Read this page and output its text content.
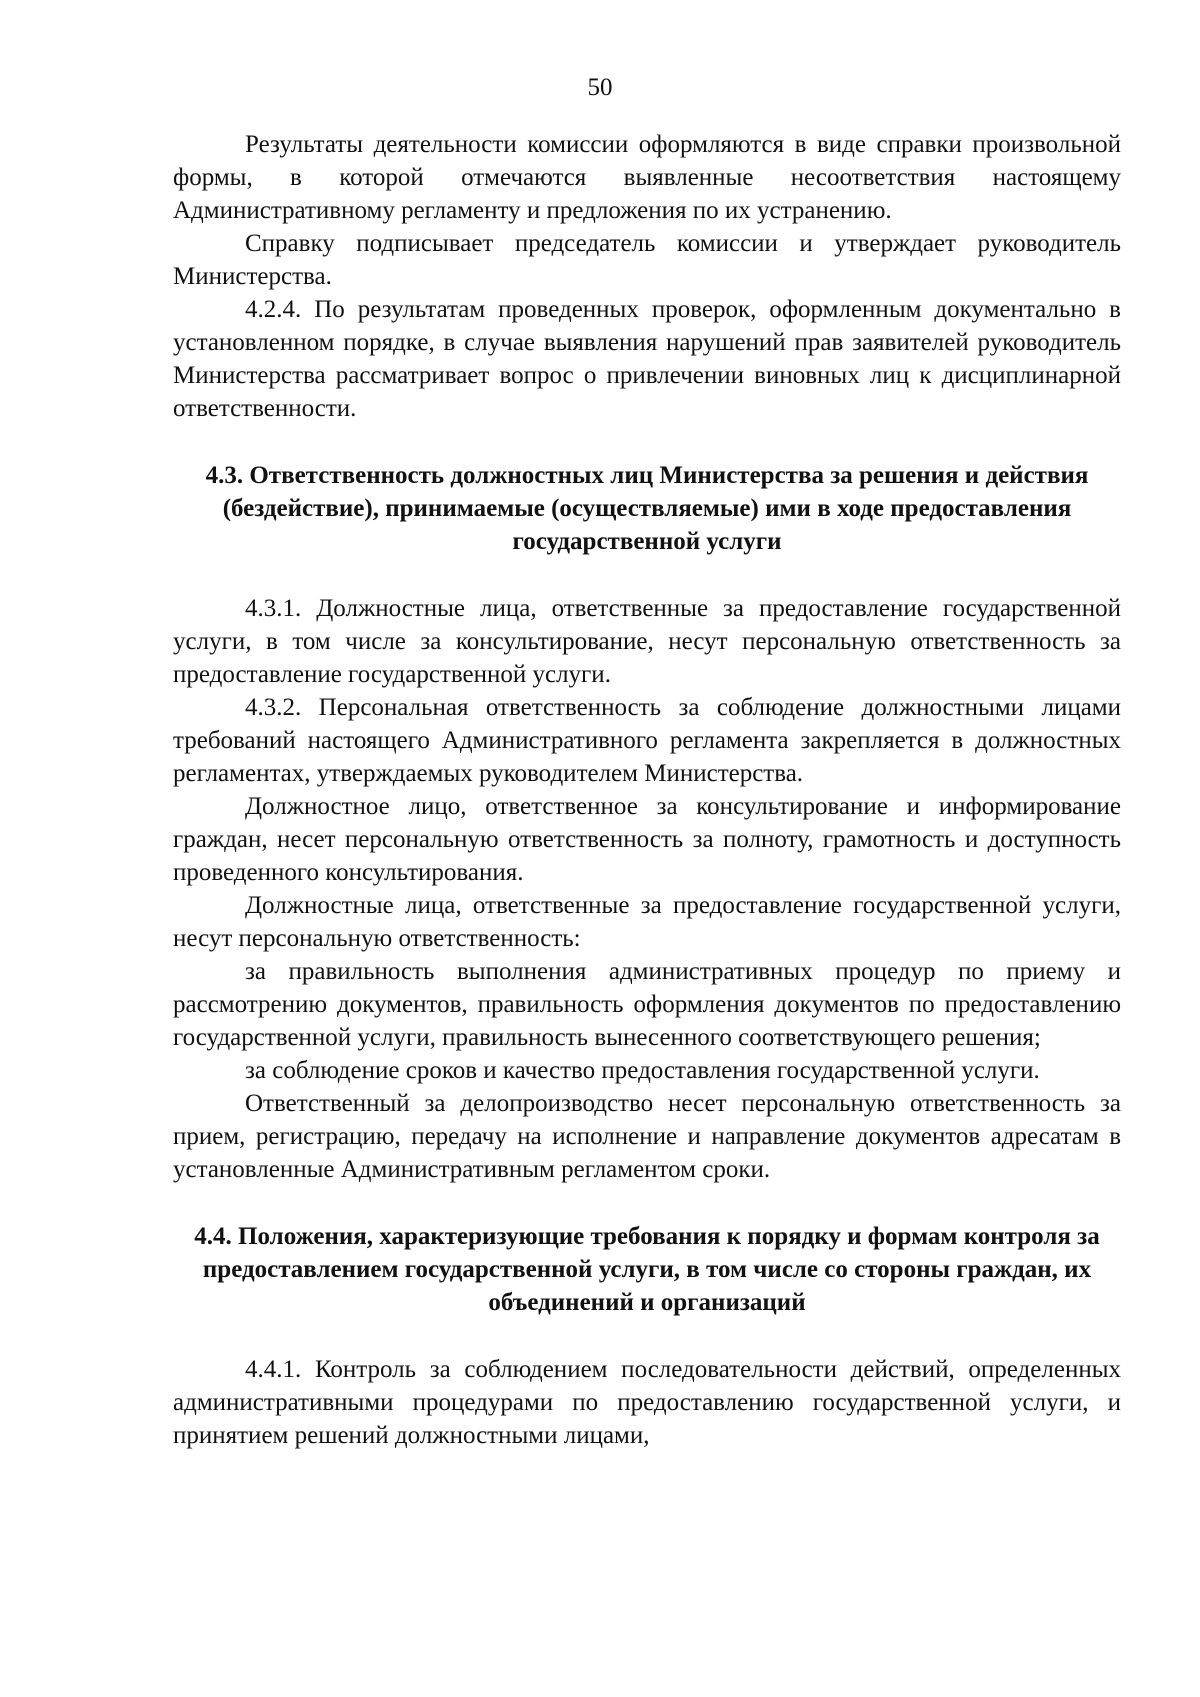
50

Результаты деятельности комиссии оформляются в виде справки произвольной формы, в которой отмечаются выявленные несоответствия настоящему Административному регламенту и предложения по их устранению.

Справку подписывает председатель комиссии и утверждает руководитель Министерства.

4.2.4. По результатам проведенных проверок, оформленным документально в установленном порядке, в случае выявления нарушений прав заявителей руководитель Министерства рассматривает вопрос о привлечении виновных лиц к дисциплинарной ответственности.

4.3. Ответственность должностных лиц Министерства за решения и действия (бездействие), принимаемые (осуществляемые) ими в ходе предоставления государственной услуги

4.3.1. Должностные лица, ответственные за предоставление государственной услуги, в том числе за консультирование, несут персональную ответственность за предоставление государственной услуги.

4.3.2. Персональная ответственность за соблюдение должностными лицами требований настоящего Административного регламента закрепляется в должностных регламентах, утверждаемых руководителем Министерства.

Должностное лицо, ответственное за консультирование и информирование граждан, несет персональную ответственность за полноту, грамотность и доступность проведенного консультирования.

Должностные лица, ответственные за предоставление государственной услуги, несут персональную ответственность:

за правильность выполнения административных процедур по приему и рассмотрению документов, правильность оформления документов по предоставлению государственной услуги, правильность вынесенного соответствующего решения;

за соблюдение сроков и качество предоставления государственной услуги.

Ответственный за делопроизводство несет персональную ответственность за прием, регистрацию, передачу на исполнение и направление документов адресатам в установленные Административным регламентом сроки.

4.4. Положения, характеризующие требования к порядку и формам контроля за предоставлением государственной услуги, в том числе со стороны граждан, их объединений и организаций

4.4.1. Контроль за соблюдением последовательности действий, определенных административными процедурами по предоставлению государственной услуги, и принятием решений должностными лицами,
